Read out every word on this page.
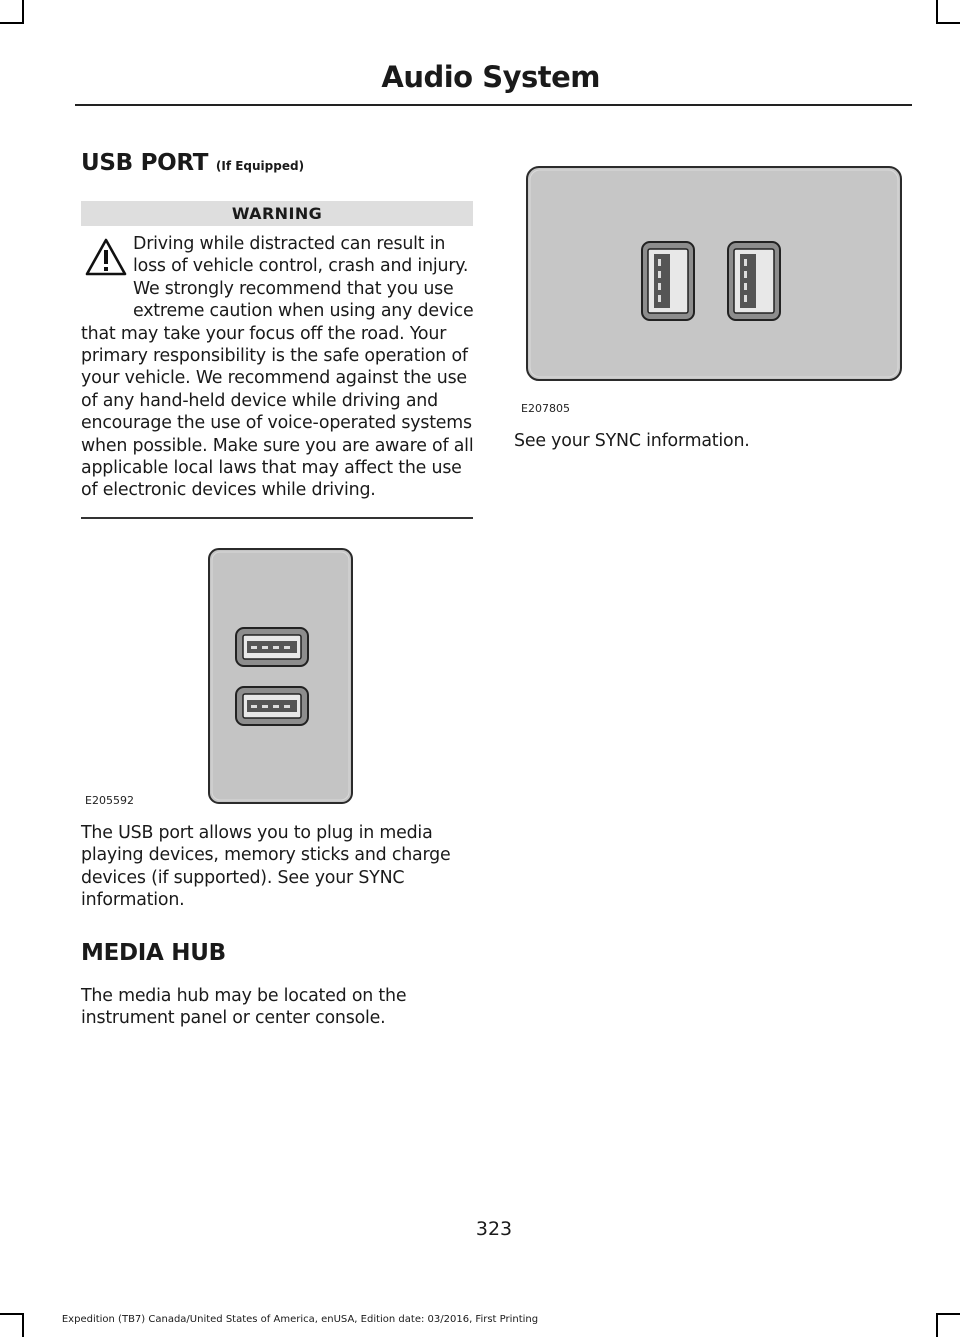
Audio System
USB PORT (If Equipped)
WARNING
Driving while distracted can result in loss of vehicle control, crash and injury. We strongly recommend that you use extreme caution when using any device that may take your focus off the road. Your primary responsibility is the safe operation of your vehicle. We recommend against the use of any hand-held device while driving and encourage the use of voice-operated systems when possible. Make sure you are aware of all applicable local laws that may affect the use of electronic devices while driving.
E205592
The USB port allows you to plug in media playing devices, memory sticks and charge devices (if supported). See your SYNC information.
MEDIA HUB
The media hub may be located on the instrument panel or center console.
E207805
See your SYNC information.
323
Expedition (TB7) Canada/United States of America, enUSA, Edition date: 03/2016, First Printing
